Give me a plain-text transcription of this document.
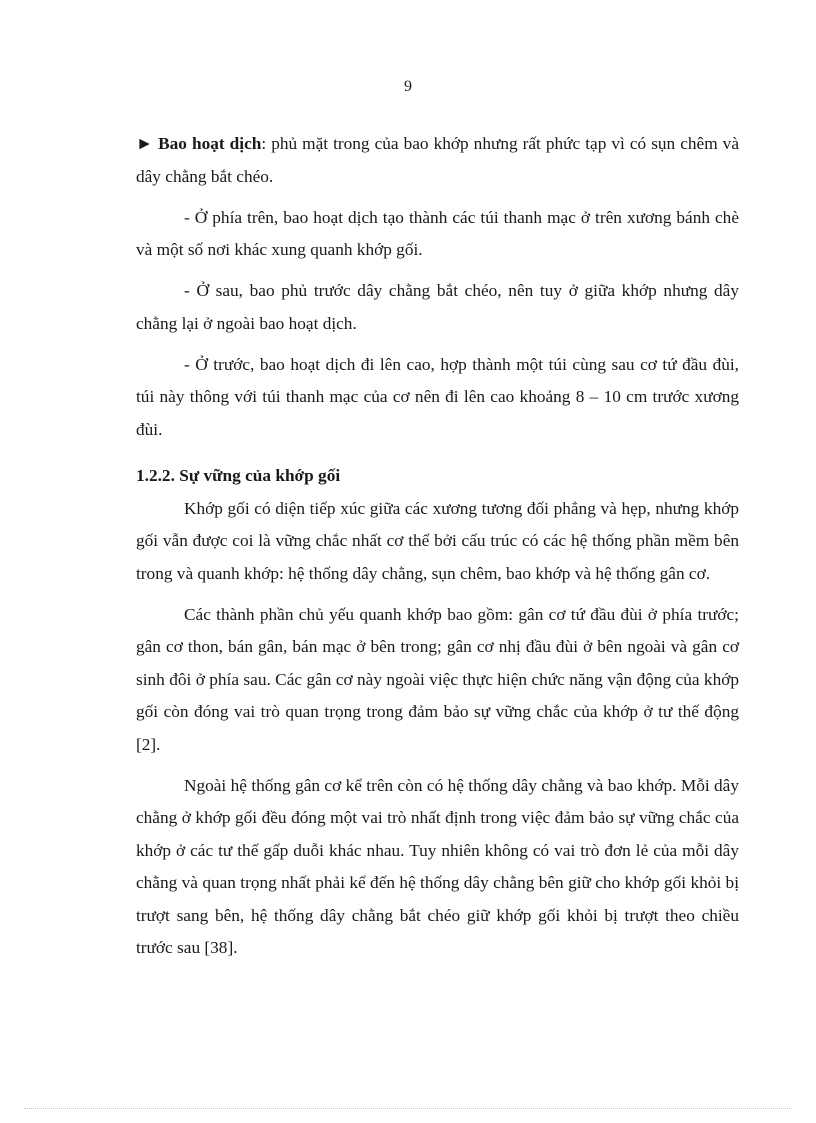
9

► Bao hoạt dịch: phủ mặt trong của bao khớp nhưng rất phức tạp vì có sụn chêm và dây chằng bắt chéo.

- Ở phía trên, bao hoạt dịch tạo thành các túi thanh mạc ở trên xương bánh chè và một số nơi khác xung quanh khớp gối.

- Ở sau, bao phủ trước dây chằng bắt chéo, nên tuy ở giữa khớp nhưng dây chằng lại ở ngoài bao hoạt dịch.

- Ở trước, bao hoạt dịch đi lên cao, hợp thành một túi cùng sau cơ tứ đầu đùi, túi này thông với túi thanh mạc của cơ nên đi lên cao khoảng 8 – 10 cm trước xương đùi.

1.2.2. Sự vững của khớp gối

Khớp gối có diện tiếp xúc giữa các xương tương đối phẳng và hẹp, nhưng khớp gối vẫn được coi là vững chắc nhất cơ thể bởi cấu trúc có các hệ thống phần mềm bên trong và quanh khớp: hệ thống dây chằng, sụn chêm, bao khớp và hệ thống gân cơ.

Các thành phần chủ yếu quanh khớp bao gồm: gân cơ tứ đầu đùi ở phía trước; gân cơ thon, bán gân, bán mạc ở bên trong; gân cơ nhị đầu đùi ở bên ngoài và gân cơ sinh đôi ở phía sau. Các gân cơ này ngoài việc thực hiện chức năng vận động của khớp gối còn đóng vai trò quan trọng trong đảm bảo sự vững chắc của khớp ở tư thế động [2].

Ngoài hệ thống gân cơ kể trên còn có hệ thống dây chằng và bao khớp. Mỗi dây chằng ở khớp gối đều đóng một vai trò nhất định trong việc đảm bảo sự vững chắc của khớp ở các tư thế gấp duỗi khác nhau. Tuy nhiên không có vai trò đơn lẻ của mỗi dây chằng và quan trọng nhất phải kể đến hệ thống dây chằng bên giữ cho khớp gối khỏi bị trượt sang bên, hệ thống dây chằng bắt chéo giữ khớp gối khỏi bị trượt theo chiều trước sau [38].
